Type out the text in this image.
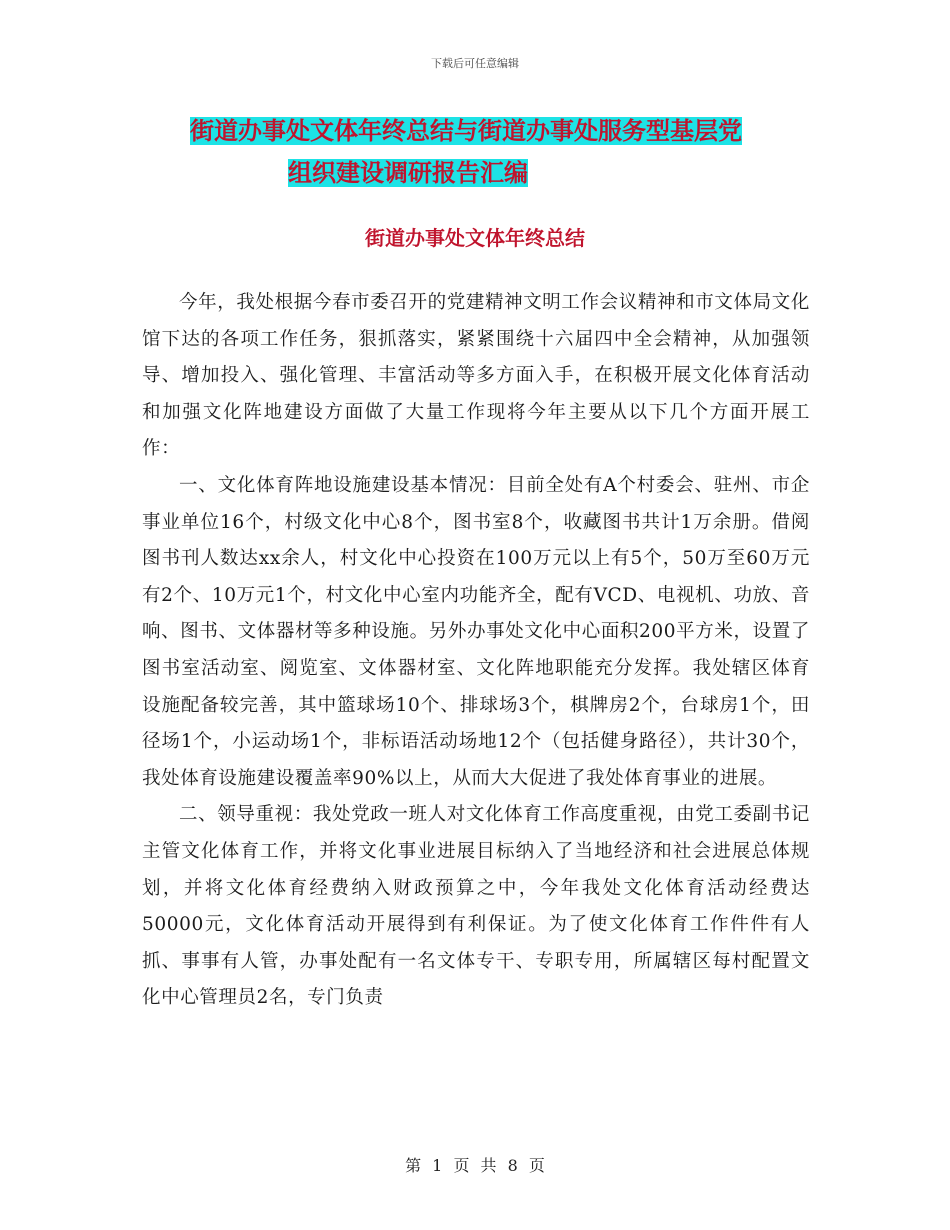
下载后可任意编辑
街道办事处文体年终总结与街道办事处服务型基层党
组织建设调研报告汇编
街道办事处文体年终总结

今年，我处根据今春市委召开的党建精神文明工作会议精神和市文体局文化馆下达的各项工作任务，狠抓落实，紧紧围绕十六届四中全会精神，从加强领导、增加投入、强化管理、丰富活动等多方面入手，在积极开展文化体育活动和加强文化阵地建设方面做了大量工作现将今年主要从以下几个方面开展工作：

一、文化体育阵地设施建设基本情况：目前全处有A个村委会、驻州、市企事业单位16个，村级文化中心8个，图书室8个，收藏图书共计1万余册。借阅图书刊人数达xx余人，村文化中心投资在100万元以上有5个，50万至60万元有2个、10万元1个，村文化中心室内功能齐全，配有VCD、电视机、功放、音响、图书、文体器材等多种设施。另外办事处文化中心面积200平方米，设置了图书室活动室、阅览室、文体器材室、文化阵地职能充分发挥。我处辖区体育设施配备较完善，其中篮球场10个、排球场3个，棋牌房2个，台球房1个，田径场1个，小运动场1个，非标语活动场地12个（包括健身路径），共计30个，我处体育设施建设覆盖率90%以上，从而大大促进了我处体育事业的进展。

二、领导重视：我处党政一班人对文化体育工作高度重视，由党工委副书记主管文化体育工作，并将文化事业进展目标纳入了当地经济和社会进展总体规划，并将文化体育经费纳入财政预算之中，今年我处文化体育活动经费达50000元，文化体育活动开展得到有利保证。为了使文化体育工作件件有人抓、事事有人管，办事处配有一名文体专干、专职专用，所属辖区每村配置文化中心管理员2名，专门负责

第 1 页 共 8 页
